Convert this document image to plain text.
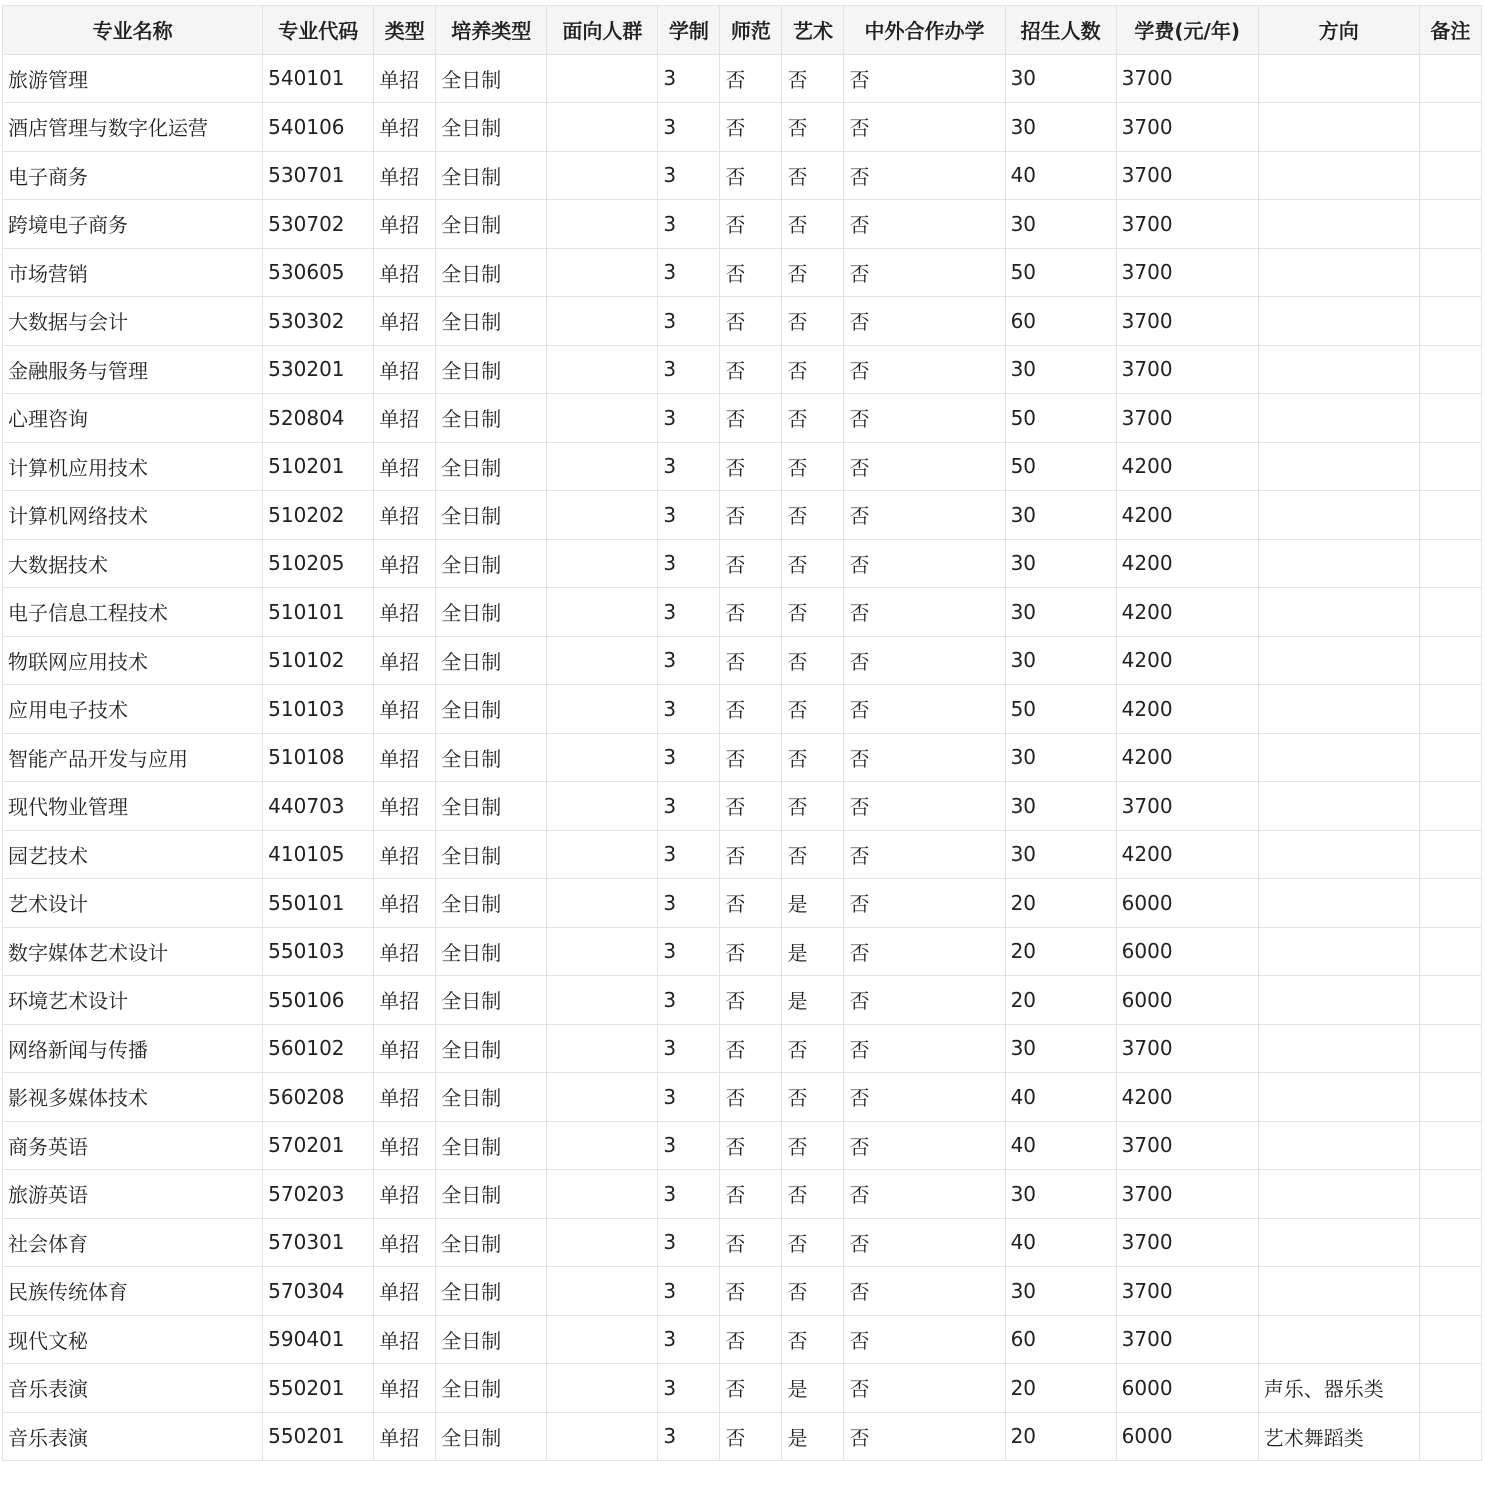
专业名称	专业代码	类型	培养类型	面向人群	学制	师范	艺术	中外合作办学	招生人数	学费(元/年)	方向	备注
旅游管理	540101	单招	全日制		3	否	否	否	30	3700		
酒店管理与数字化运营	540106	单招	全日制		3	否	否	否	30	3700		
电子商务	530701	单招	全日制		3	否	否	否	40	3700		
跨境电子商务	530702	单招	全日制		3	否	否	否	30	3700		
市场营销	530605	单招	全日制		3	否	否	否	50	3700		
大数据与会计	530302	单招	全日制		3	否	否	否	60	3700		
金融服务与管理	530201	单招	全日制		3	否	否	否	30	3700		
心理咨询	520804	单招	全日制		3	否	否	否	50	3700		
计算机应用技术	510201	单招	全日制		3	否	否	否	50	4200		
计算机网络技术	510202	单招	全日制		3	否	否	否	30	4200		
大数据技术	510205	单招	全日制		3	否	否	否	30	4200		
电子信息工程技术	510101	单招	全日制		3	否	否	否	30	4200		
物联网应用技术	510102	单招	全日制		3	否	否	否	30	4200		
应用电子技术	510103	单招	全日制		3	否	否	否	50	4200		
智能产品开发与应用	510108	单招	全日制		3	否	否	否	30	4200		
现代物业管理	440703	单招	全日制		3	否	否	否	30	3700		
园艺技术	410105	单招	全日制		3	否	否	否	30	4200		
艺术设计	550101	单招	全日制		3	否	是	否	20	6000		
数字媒体艺术设计	550103	单招	全日制		3	否	是	否	20	6000		
环境艺术设计	550106	单招	全日制		3	否	是	否	20	6000		
网络新闻与传播	560102	单招	全日制		3	否	否	否	30	3700		
影视多媒体技术	560208	单招	全日制		3	否	否	否	40	4200		
商务英语	570201	单招	全日制		3	否	否	否	40	3700		
旅游英语	570203	单招	全日制		3	否	否	否	30	3700		
社会体育	570301	单招	全日制		3	否	否	否	40	3700		
民族传统体育	570304	单招	全日制		3	否	否	否	30	3700		
现代文秘	590401	单招	全日制		3	否	否	否	60	3700		
音乐表演	550201	单招	全日制		3	否	是	否	20	6000	声乐、器乐类	
音乐表演	550201	单招	全日制		3	否	是	否	20	6000	艺术舞蹈类	
